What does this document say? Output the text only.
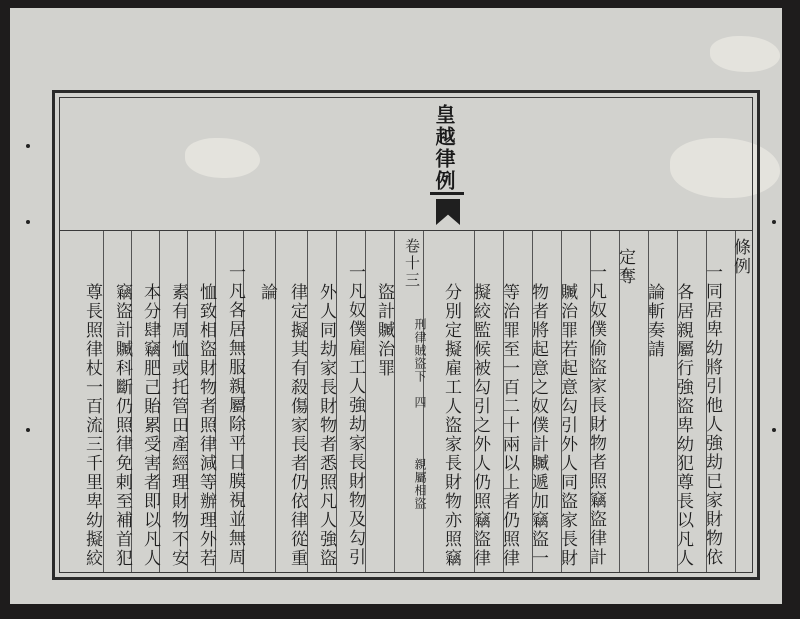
皇越律例
條例
一同居卑幼將引他人強劫已家財物依
各居親屬行強盜卑幼犯尊長以凡人
論斬奏請
定奪
一凡奴僕偷盜家長財物者照竊盜律計
贓治罪若起意勾引外人同盜家長財
物者將起意之奴僕計贓遞加竊盜一
等治罪至一百二十兩以上者仍照律
擬絞監候被勾引之外人仍照竊盜律
分別定擬雇工人盜家長財物亦照竊
卷十三
刑律賊盜下　四
親屬相盜
盜計贓治罪
一凡奴僕雇工人強劫家長財物及勾引
外人同劫家長財物者悉照凡人強盜
律定擬其有殺傷家長者仍依律從重
論
一凡各居無服親屬除平日膜視並無周
恤致相盜財物者照律減等辦理外若
素有周恤或托管田產經理財物不安
本分肆竊肥己貽累受害者即以凡人
竊盜計贓科斷仍照律免剌至補首犯
尊長照律杖一百流三千里卑幼擬絞
